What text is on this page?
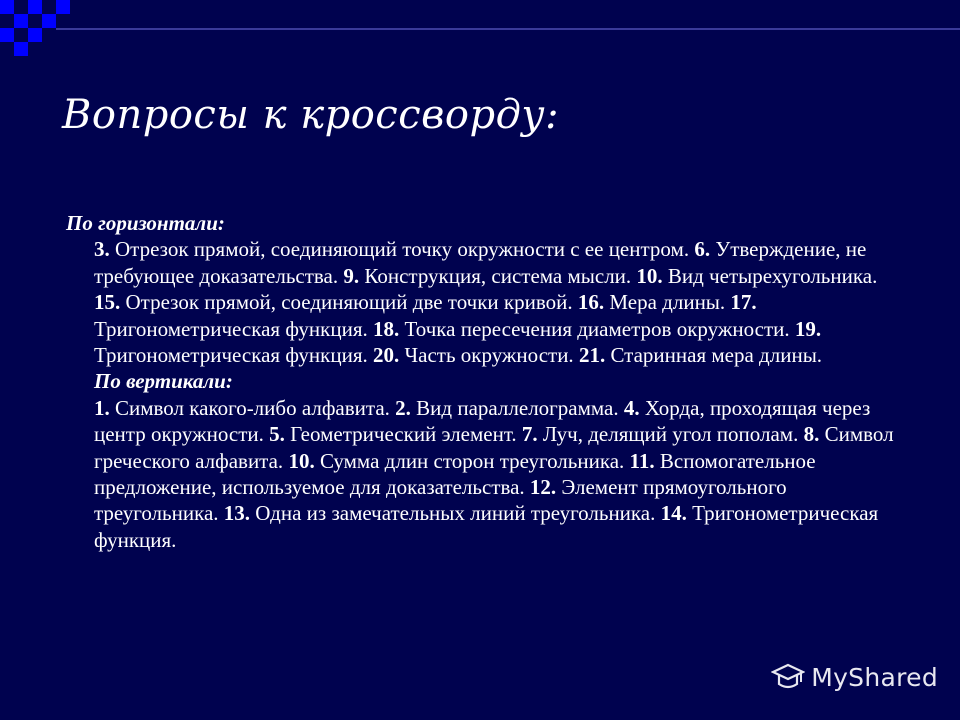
Вопросы к кроссворду:
По горизонтали:
3. Отрезок прямой, соединяющий точку окружности с ее центром. 6. Утверждение, не требующее доказательства. 9. Конструкция, система мысли. 10. Вид четырехугольника. 15. Отрезок прямой, соединяющий две точки кривой. 16. Мера длины. 17. Тригонометрическая функция. 18. Точка пересечения диаметров окружности. 19. Тригонометрическая функция. 20. Часть окружности. 21. Старинная мера длины.
По вертикали:
1. Символ какого-либо алфавита. 2. Вид параллелограмма. 4. Хорда, проходящая через центр окружности. 5. Геометрический элемент. 7. Луч, делящий угол пополам. 8. Символ греческого алфавита. 10. Сумма длин сторон треугольника. 11. Вспомогательное предложение, используемое для доказательства. 12. Элемент прямоугольного треугольника. 13. Одна из замечательных линий треугольника. 14. Тригонометрическая функция.
MyShared
